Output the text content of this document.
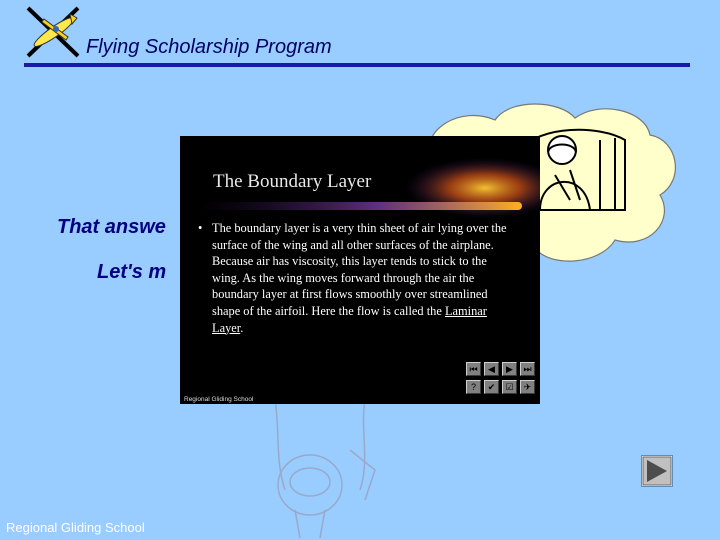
Flying Scholarship Program
That answe
Let's m
The Boundary Layer
• The boundary layer is a very thin sheet of air lying over the surface of the wing and all other surfaces of the airplane. Because air has viscosity, this layer tends to stick to the wing. As the wing moves forward through the air the boundary layer at first flows smoothly over streamlined shape of the airfoil. Here the flow is called the Laminar Layer.
Regional Gliding School
⏮	◀	▶	⏭
?	✔	☑	✈
Regional Gliding School
